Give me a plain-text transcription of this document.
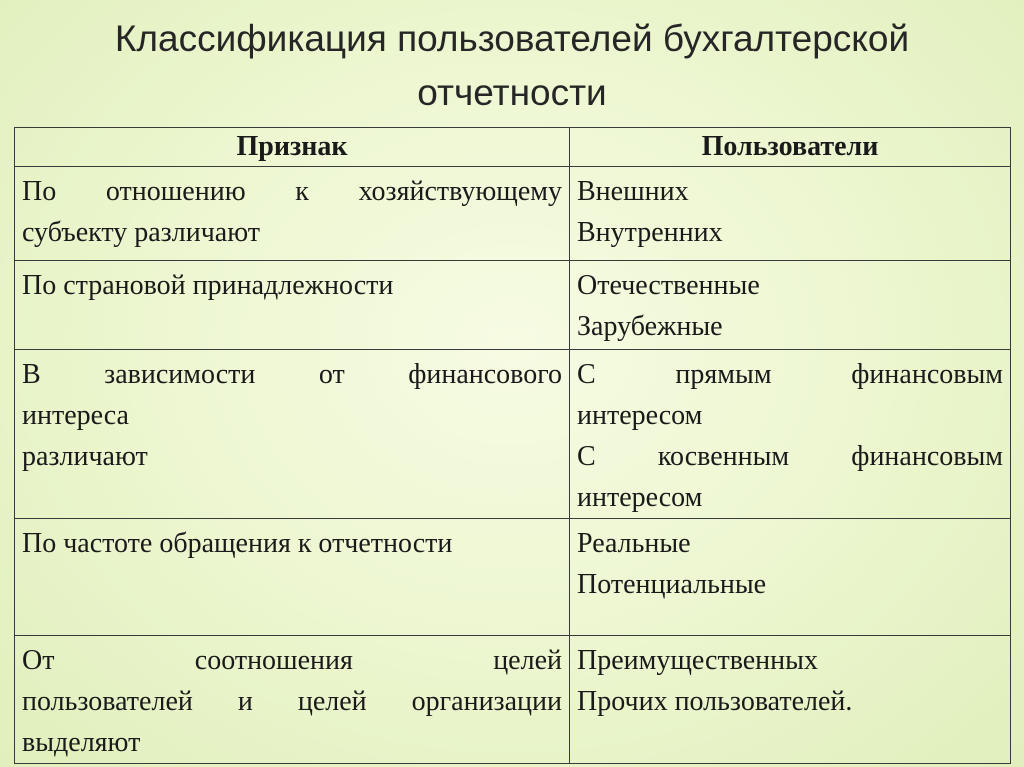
Классификация пользователей бухгалтерской
отчетности
Признак	Пользователи

По отношению к хозяйствующему
субъекту различают	Внешних
Внутренних

По страновой принадлежности	Отечественные
Зарубежные

В зависимости от финансового
интереса
различают	С прямым финансовым
интересом
С косвенным финансовым
интересом

По частоте обращения к отчетности	Реальные
Потенциальные

От соотношения целей
пользователей и целей организации
выделяют	Преимущественных
Прочих пользователей.
